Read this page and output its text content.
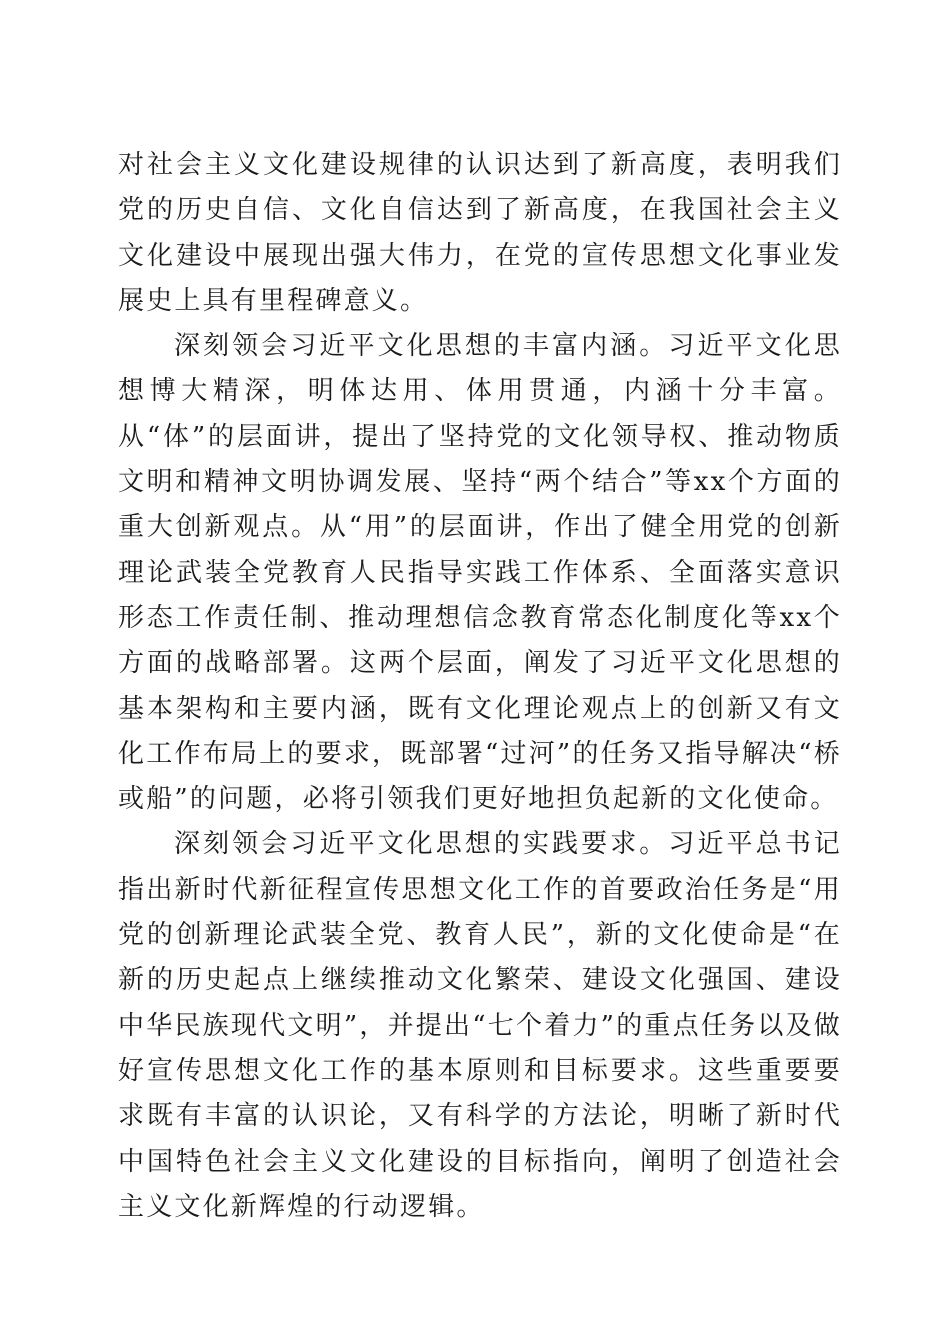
对社会主义文化建设规律的认识达到了新高度，表明我们党的历史自信、文化自信达到了新高度，在我国社会主义文化建设中展现出强大伟力，在党的宣传思想文化事业发展史上具有里程碑意义。

深刻领会习近平文化思想的丰富内涵。习近平文化思想博大精深，明体达用、体用贯通，内涵十分丰富。从“体”的层面讲，提出了坚持党的文化领导权、推动物质文明和精神文明协调发展、坚持“两个结合”等xx个方面的重大创新观点。从“用”的层面讲，作出了健全用党的创新理论武装全党教育人民指导实践工作体系、全面落实意识形态工作责任制、推动理想信念教育常态化制度化等xx个方面的战略部署。这两个层面，阐发了习近平文化思想的基本架构和主要内涵，既有文化理论观点上的创新又有文化工作布局上的要求，既部署“过河”的任务又指导解决“桥或船”的问题，必将引领我们更好地担负起新的文化使命。

深刻领会习近平文化思想的实践要求。习近平总书记指出新时代新征程宣传思想文化工作的首要政治任务是“用党的创新理论武装全党、教育人民”，新的文化使命是“在新的历史起点上继续推动文化繁荣、建设文化强国、建设中华民族现代文明”，并提出“七个着力”的重点任务以及做好宣传思想文化工作的基本原则和目标要求。这些重要要求既有丰富的认识论，又有科学的方法论，明晰了新时代中国特色社会主义文化建设的目标指向，阐明了创造社会主义文化新辉煌的行动逻辑。
